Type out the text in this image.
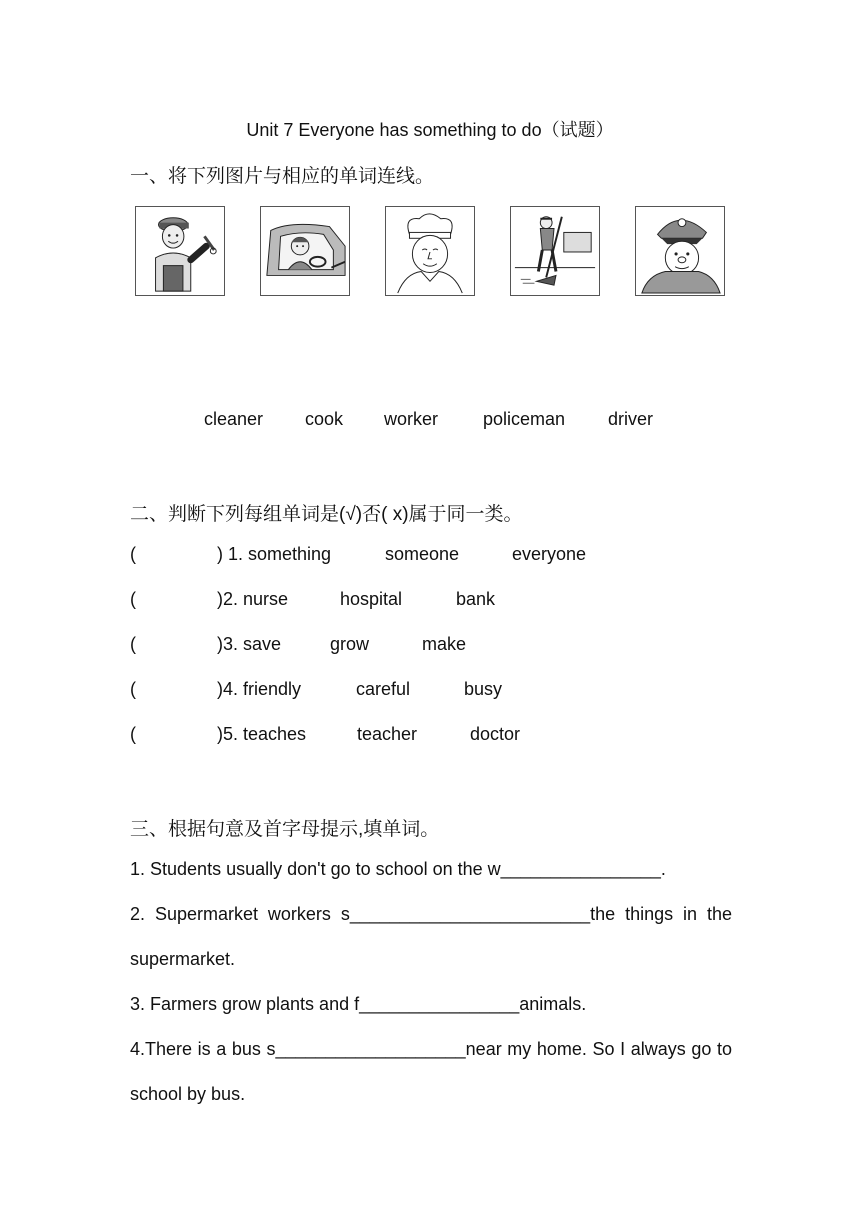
Unit 7 Everyone has something to do（试题）
一、将下列图片与相应的单词连线。
cleaner cook worker policeman driver
二、判断下列每组单词是(√)否( x)属于同一类。
(	) 1. something	someone	everyone
(	)2. nurse	hospital	bank
(	)3. save	grow	make
(	)4. friendly	careful	busy
(	)5. teaches	teacher	doctor
三、根据句意及首字母提示,填单词。
1. Students usually don't go to school on the w________________.
2. Supermarket workers s________________________the things in the
supermarket.
3. Farmers grow plants and f________________animals.
4.There is a bus s___________________near my home. So I always go to
school by bus.
